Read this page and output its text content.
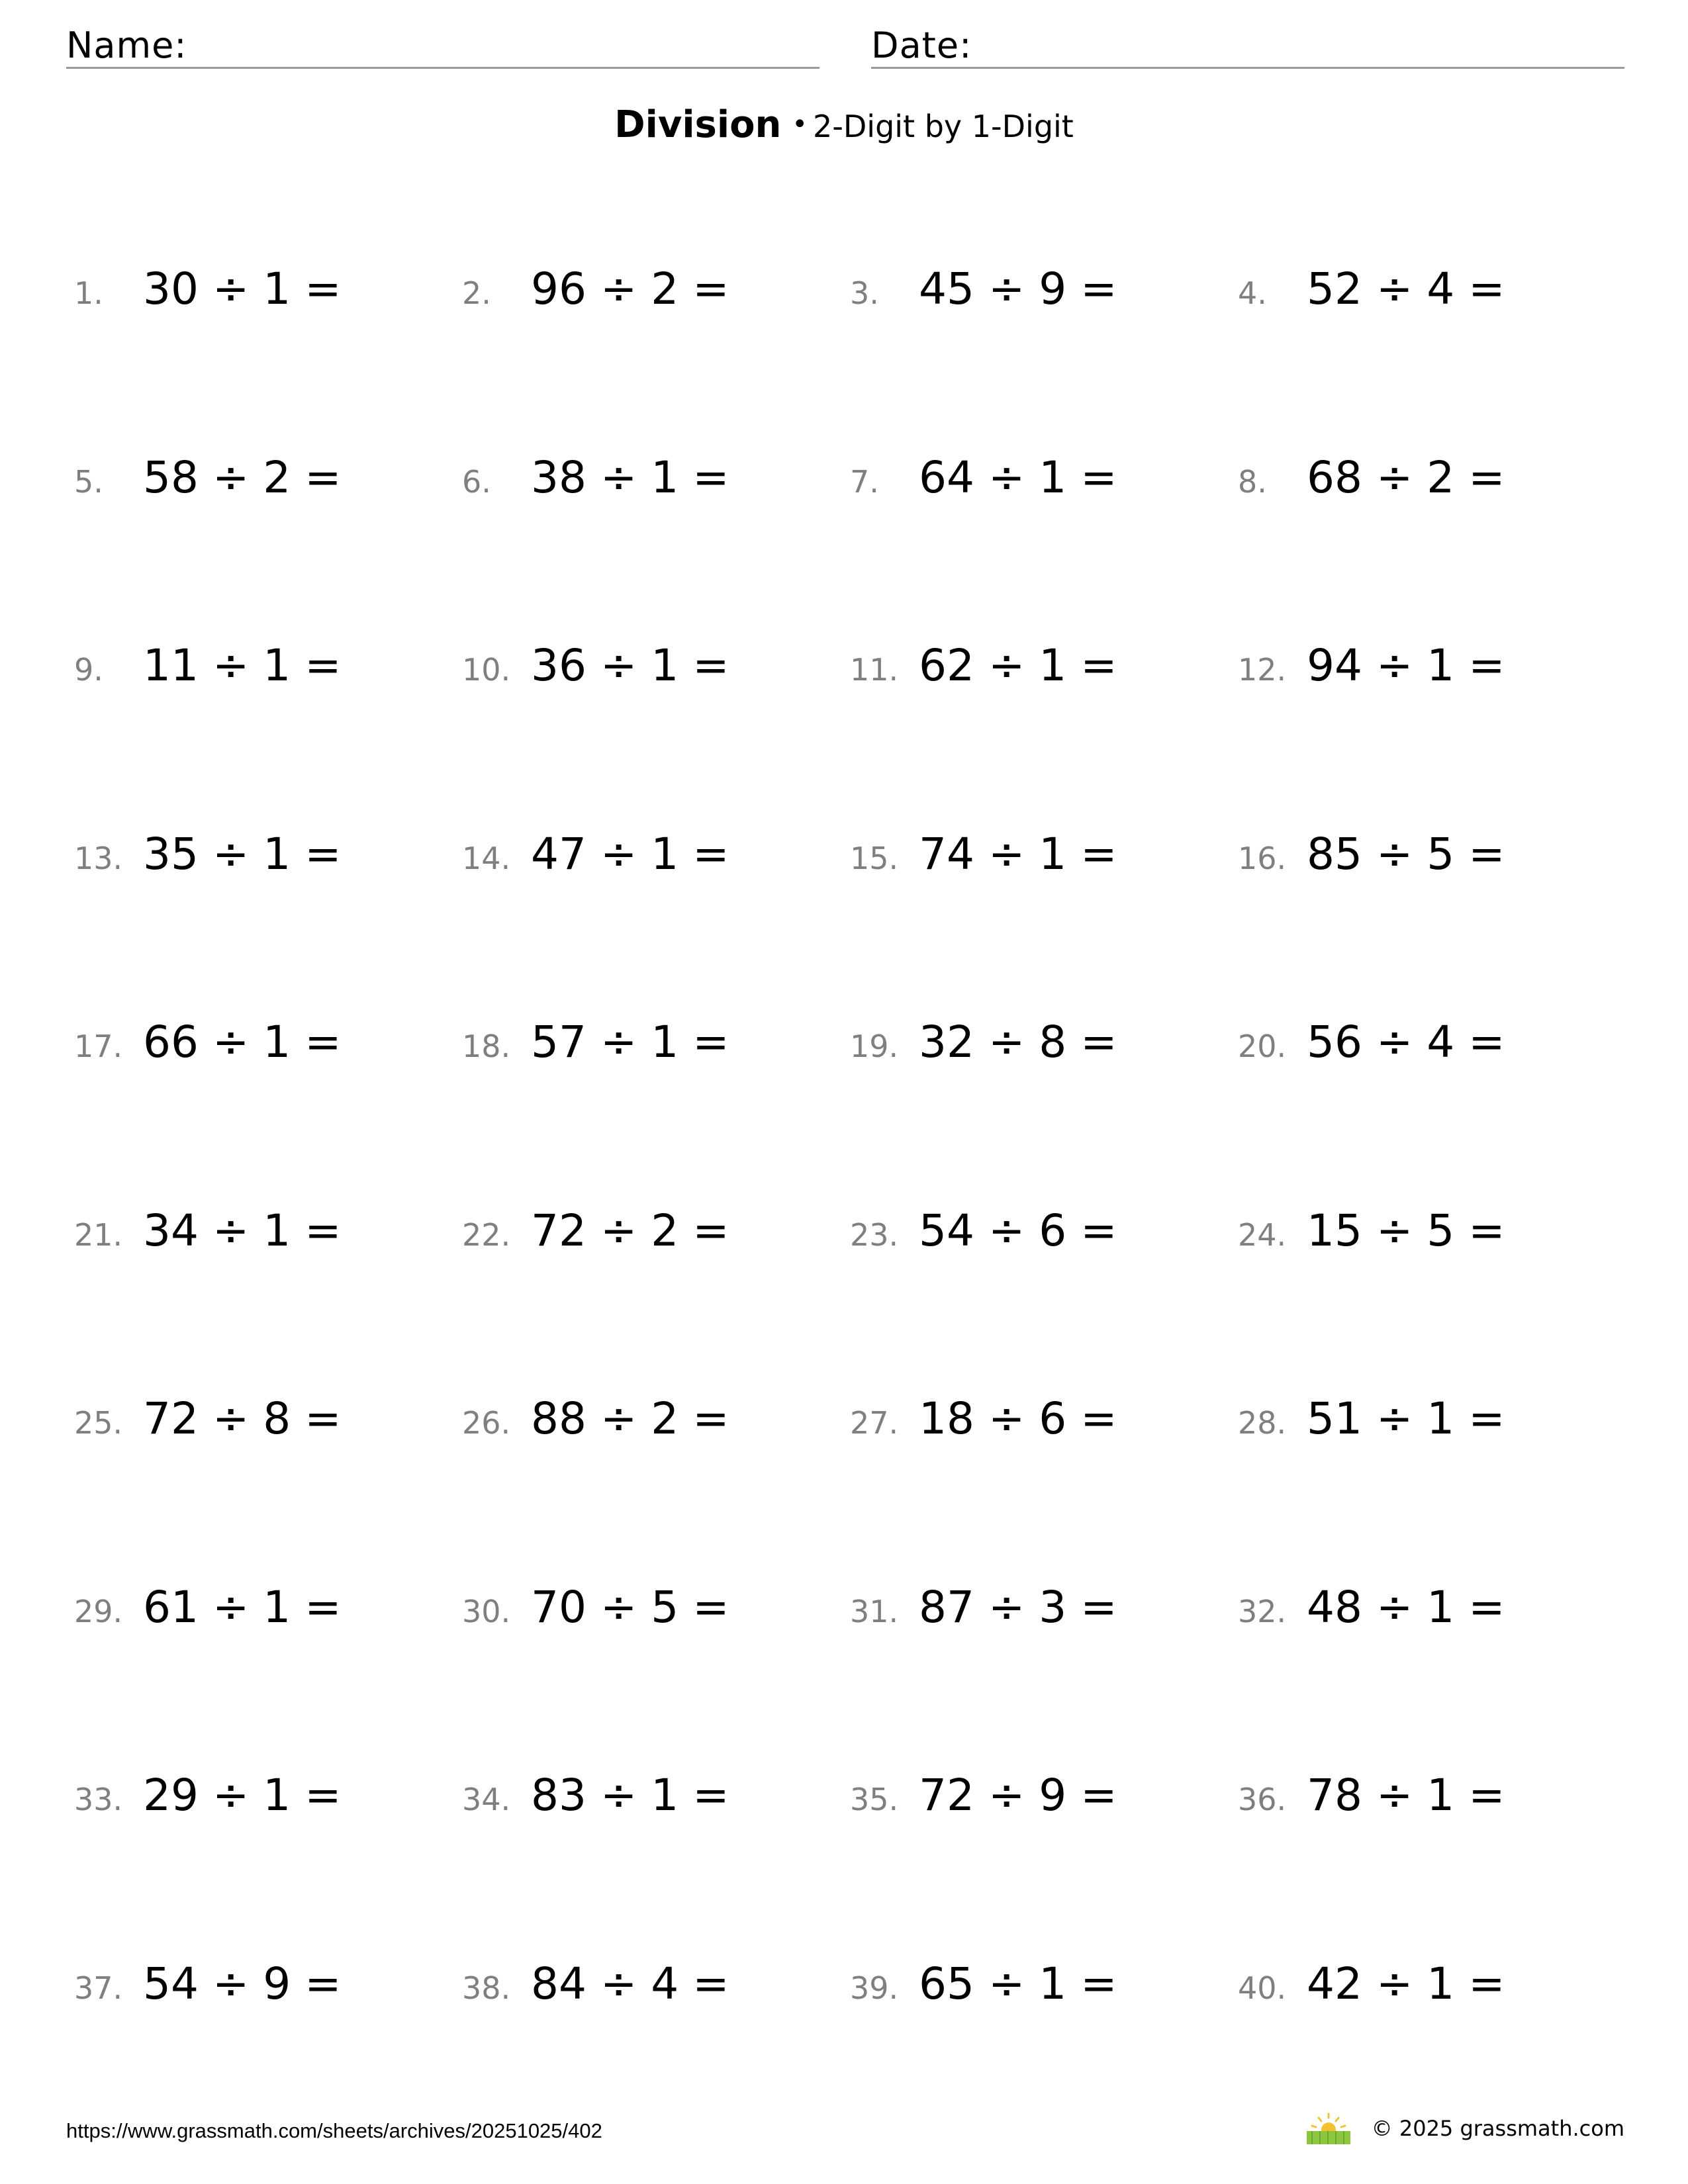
Name:	Date:
Division • 2-Digit by 1-Digit
1. 30 ÷ 1 =	2. 96 ÷ 2 =	3. 45 ÷ 9 =	4. 52 ÷ 4 =
5. 58 ÷ 2 =	6. 38 ÷ 1 =	7. 64 ÷ 1 =	8. 68 ÷ 2 =
9. 11 ÷ 1 =	10. 36 ÷ 1 =	11. 62 ÷ 1 =	12. 94 ÷ 1 =
13. 35 ÷ 1 =	14. 47 ÷ 1 =	15. 74 ÷ 1 =	16. 85 ÷ 5 =
17. 66 ÷ 1 =	18. 57 ÷ 1 =	19. 32 ÷ 8 =	20. 56 ÷ 4 =
21. 34 ÷ 1 =	22. 72 ÷ 2 =	23. 54 ÷ 6 =	24. 15 ÷ 5 =
25. 72 ÷ 8 =	26. 88 ÷ 2 =	27. 18 ÷ 6 =	28. 51 ÷ 1 =
29. 61 ÷ 1 =	30. 70 ÷ 5 =	31. 87 ÷ 3 =	32. 48 ÷ 1 =
33. 29 ÷ 1 =	34. 83 ÷ 1 =	35. 72 ÷ 9 =	36. 78 ÷ 1 =
37. 54 ÷ 9 =	38. 84 ÷ 4 =	39. 65 ÷ 1 =	40. 42 ÷ 1 =
https://www.grassmath.com/sheets/archives/20251025/402	© 2025 grassmath.com
